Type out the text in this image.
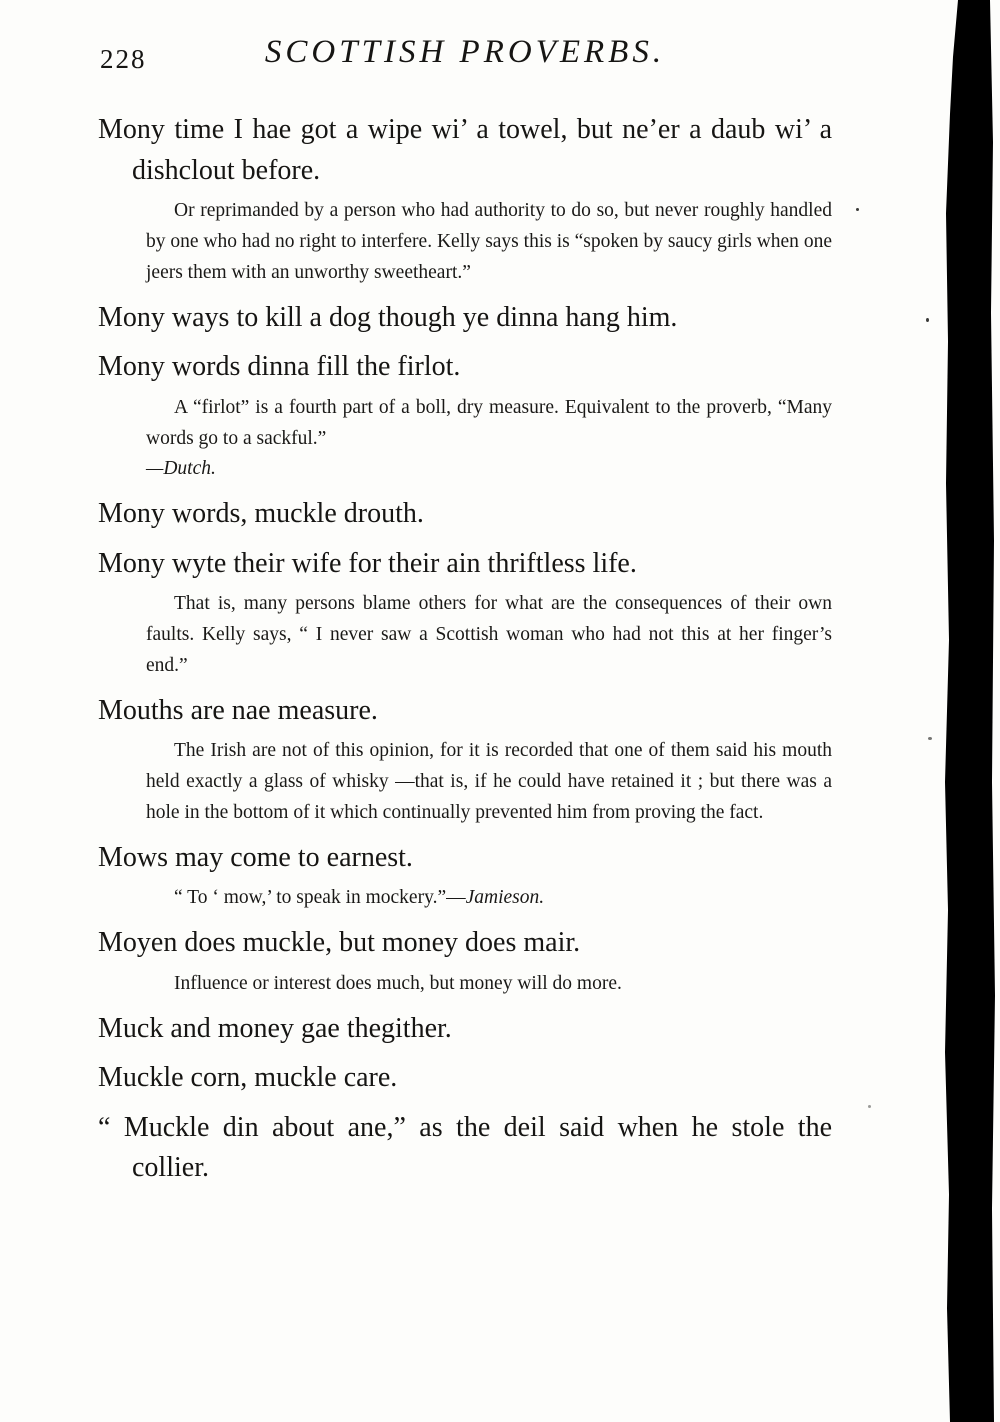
228	SCOTTISH PROVERBS.

Mony time I hae got a wipe wi’ a towel, but ne’er a daub wi’ a dishclout before.

Or reprimanded by a person who had authority to do so, but never roughly handled by one who had no right to interfere. Kelly says this is “spoken by saucy girls when one jeers them with an unworthy sweetheart.”

Mony ways to kill a dog though ye dinna hang him.

Mony words dinna fill the firlot.

A “firlot” is a fourth part of a boll, dry measure. Equivalent to the proverb, “Many words go to a sackful.”
—Dutch.

Mony words, muckle drouth.

Mony wyte their wife for their ain thriftless life.

That is, many persons blame others for what are the consequences of their own faults. Kelly says, “ I never saw a Scottish woman who had not this at her finger’s end.”

Mouths are nae measure.

The Irish are not of this opinion, for it is recorded that one of them said his mouth held exactly a glass of whisky —that is, if he could have retained it ; but there was a hole in the bottom of it which continually prevented him from proving the fact.

Mows may come to earnest.

“ To ‘ mow,’ to speak in mockery.”—Jamieson.

Moyen does muckle, but money does mair.

Influence or interest does much, but money will do more.

Muck and money gae thegither.

Muckle corn, muckle care.

“ Muckle din about ane,” as the deil said when he stole the collier.
